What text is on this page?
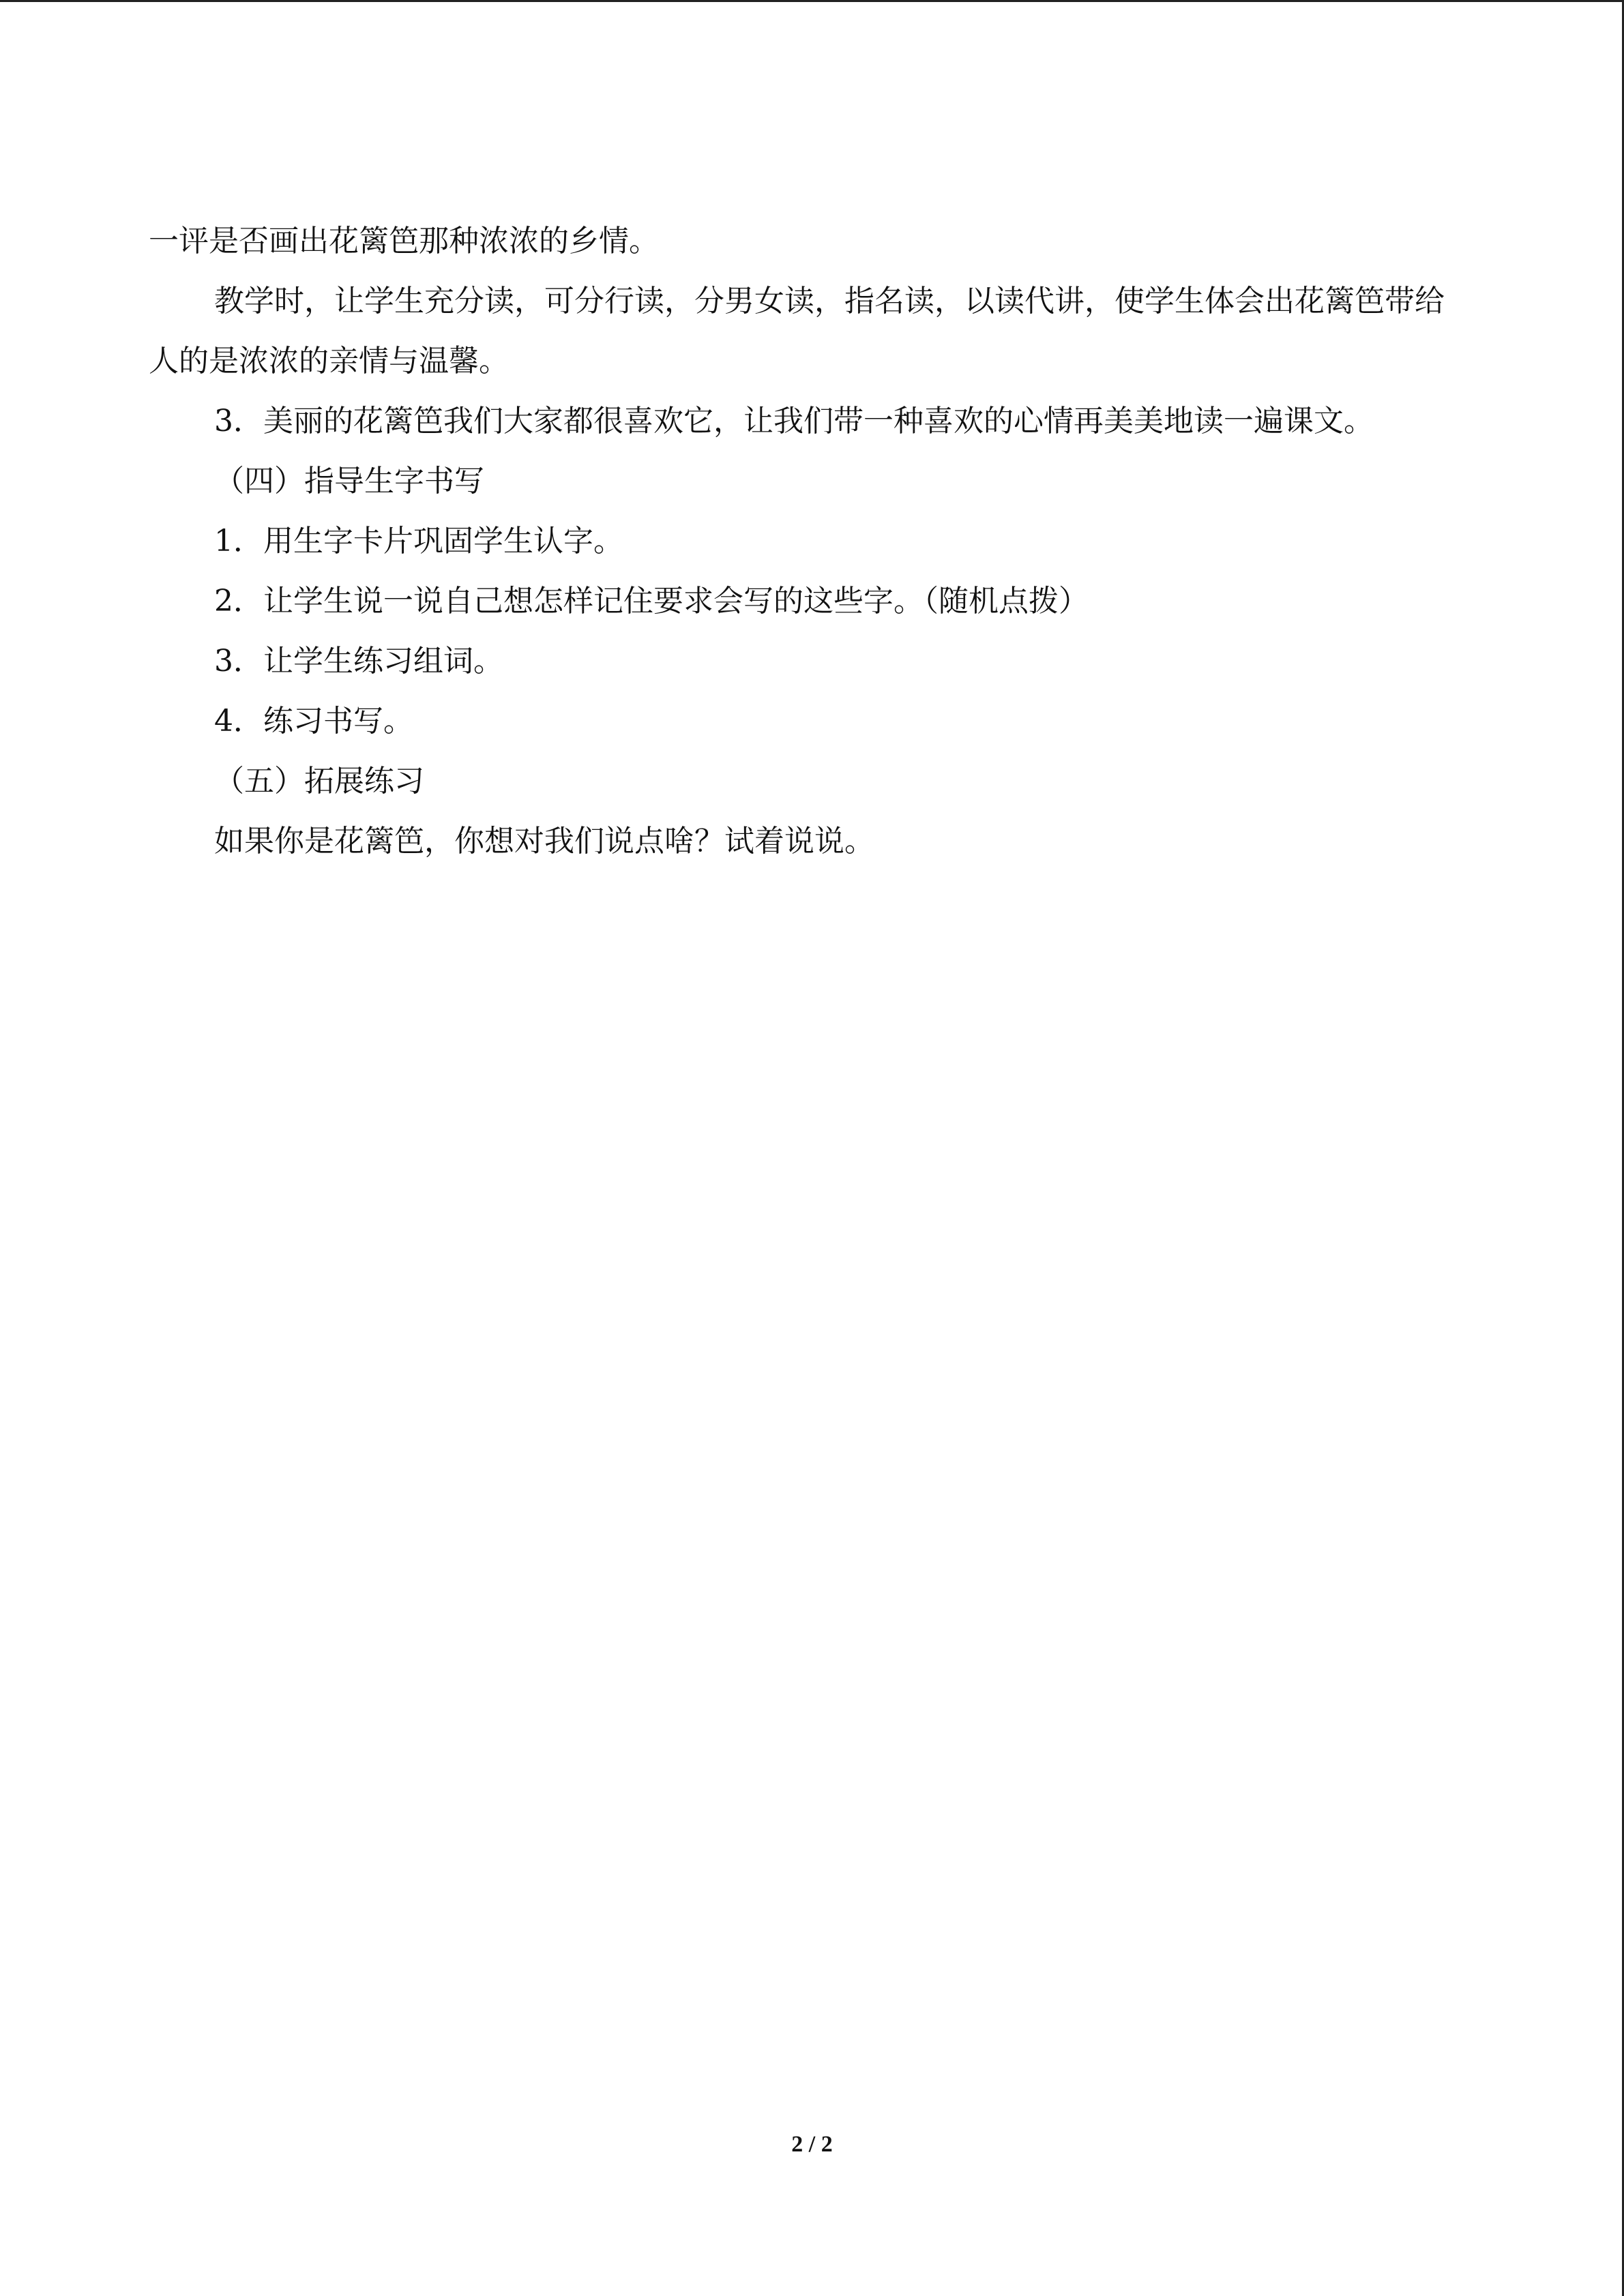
一评是否画出花篱笆那种浓浓的乡情。
教学时，让学生充分读，可分行读，分男女读，指名读，以读代讲，使学生体会出花篱笆带给人的是浓浓的亲情与温馨。
3．美丽的花篱笆我们大家都很喜欢它，让我们带一种喜欢的心情再美美地读一遍课文。
（四）指导生字书写
1．用生字卡片巩固学生认字。
2．让学生说一说自己想怎样记住要求会写的这些字。（随机点拨）
3．让学生练习组词。
4．练习书写。
（五）拓展练习
如果你是花篱笆，你想对我们说点啥？试着说说。
2 / 2
